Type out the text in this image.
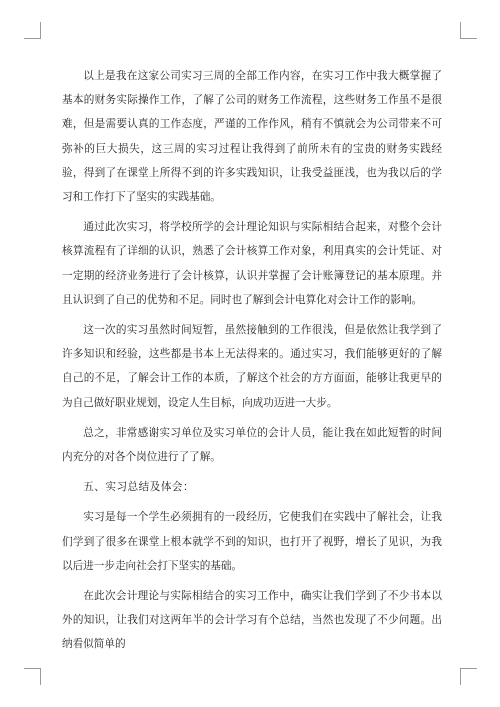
以上是我在这家公司实习三周的全部工作内容，在实习工作中我大概掌握了基本的财务实际操作工作，了解了公司的财务工作流程，这些财务工作虽不是很难，但是需要认真的工作态度，严谨的工作作风，稍有不慎就会为公司带来不可弥补的巨大损失，这三周的实习过程让我得到了前所未有的宝贵的财务实践经验，得到了在课堂上所得不到的许多实践知识，让我受益匪浅，也为我以后的学习和工作打下了坚实的实践基础。

通过此次实习，将学校所学的会计理论知识与实际相结合起来，对整个会计核算流程有了详细的认识，熟悉了会计核算工作对象，利用真实的会计凭证、对一定期的经济业务进行了会计核算，认识并掌握了会计账簿登记的基本原理。并且认识到了自己的优势和不足。同时也了解到会计电算化对会计工作的影响。

这一次的实习虽然时间短暂，虽然接触到的工作很浅，但是依然让我学到了许多知识和经验，这些都是书本上无法得来的。通过实习，我们能够更好的了解自己的不足，了解会计工作的本质，了解这个社会的方方面面，能够让我更早的为自己做好职业规划，设定人生目标，向成功迈进一大步。

总之，非常感谢实习单位及实习单位的会计人员，能让我在如此短暂的时间内充分的对各个岗位进行了了解。

五、实习总结及体会：

实习是每一个学生必须拥有的一段经历，它使我们在实践中了解社会，让我们学到了很多在课堂上根本就学不到的知识，也打开了视野，增长了见识，为我以后进一步走向社会打下坚实的基础。

在此次会计理论与实际相结合的实习工作中，确实让我们学到了不少书本以外的知识，让我们对这两年半的会计学习有个总结，当然也发现了不少问题。出纳看似简单的
